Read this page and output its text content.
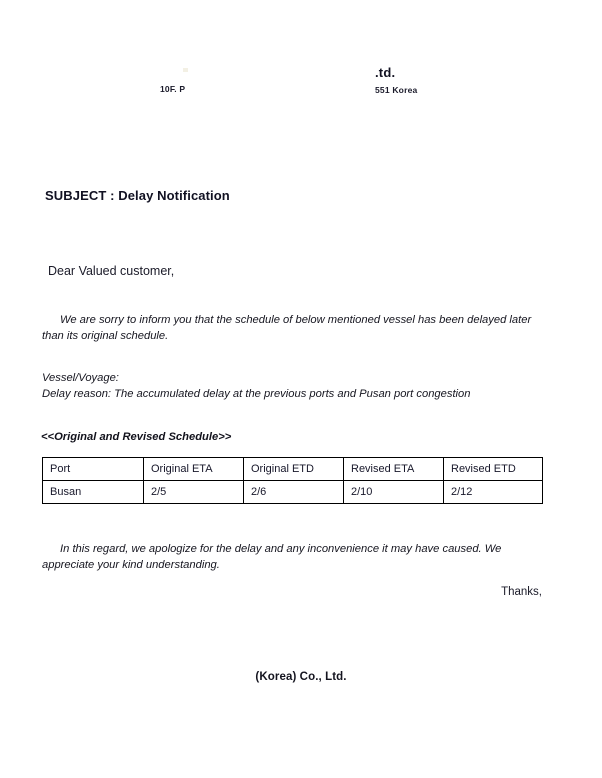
10F. P
.td.
551 Korea
SUBJECT : Delay Notification
Dear Valued customer,
We are sorry to inform you that the schedule of below mentioned vessel has been delayed later than its original schedule.
Vessel/Voyage:
Delay reason: The accumulated delay at the previous ports and Pusan port congestion
<<Original and Revised Schedule>>
Port	Original ETA	Original ETD	Revised ETA	Revised ETD
Busan	2/5	2/6	2/10	2/12
In this regard, we apologize for the delay and any inconvenience it may have caused. We appreciate your kind understanding.
Thanks,
(Korea) Co., Ltd.
